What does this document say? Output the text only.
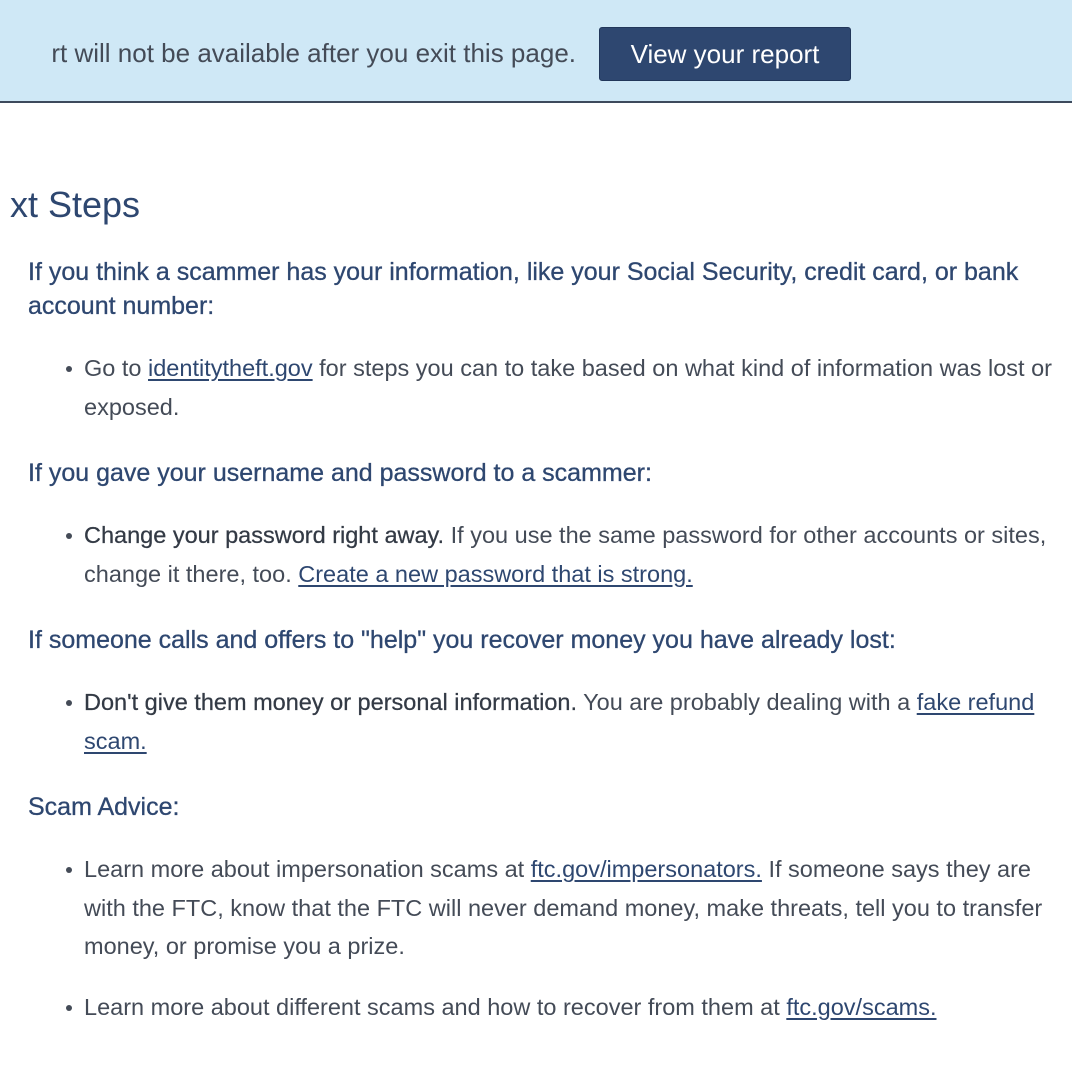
rt will not be available after you exit this page.	View your report
xt Steps
If you think a scammer has your information, like your Social Security, credit card, or bank account number:
Go to identitytheft.gov for steps you can to take based on what kind of information was lost or exposed.
If you gave your username and password to a scammer:
Change your password right away. If you use the same password for other accounts or sites, change it there, too. Create a new password that is strong.
If someone calls and offers to "help" you recover money you have already lost:
Don't give them money or personal information. You are probably dealing with a fake refund scam.
Scam Advice:
Learn more about impersonation scams at ftc.gov/impersonators. If someone says they are with the FTC, know that the FTC will never demand money, make threats, tell you to transfer money, or promise you a prize.
Learn more about different scams and how to recover from them at ftc.gov/scams.
